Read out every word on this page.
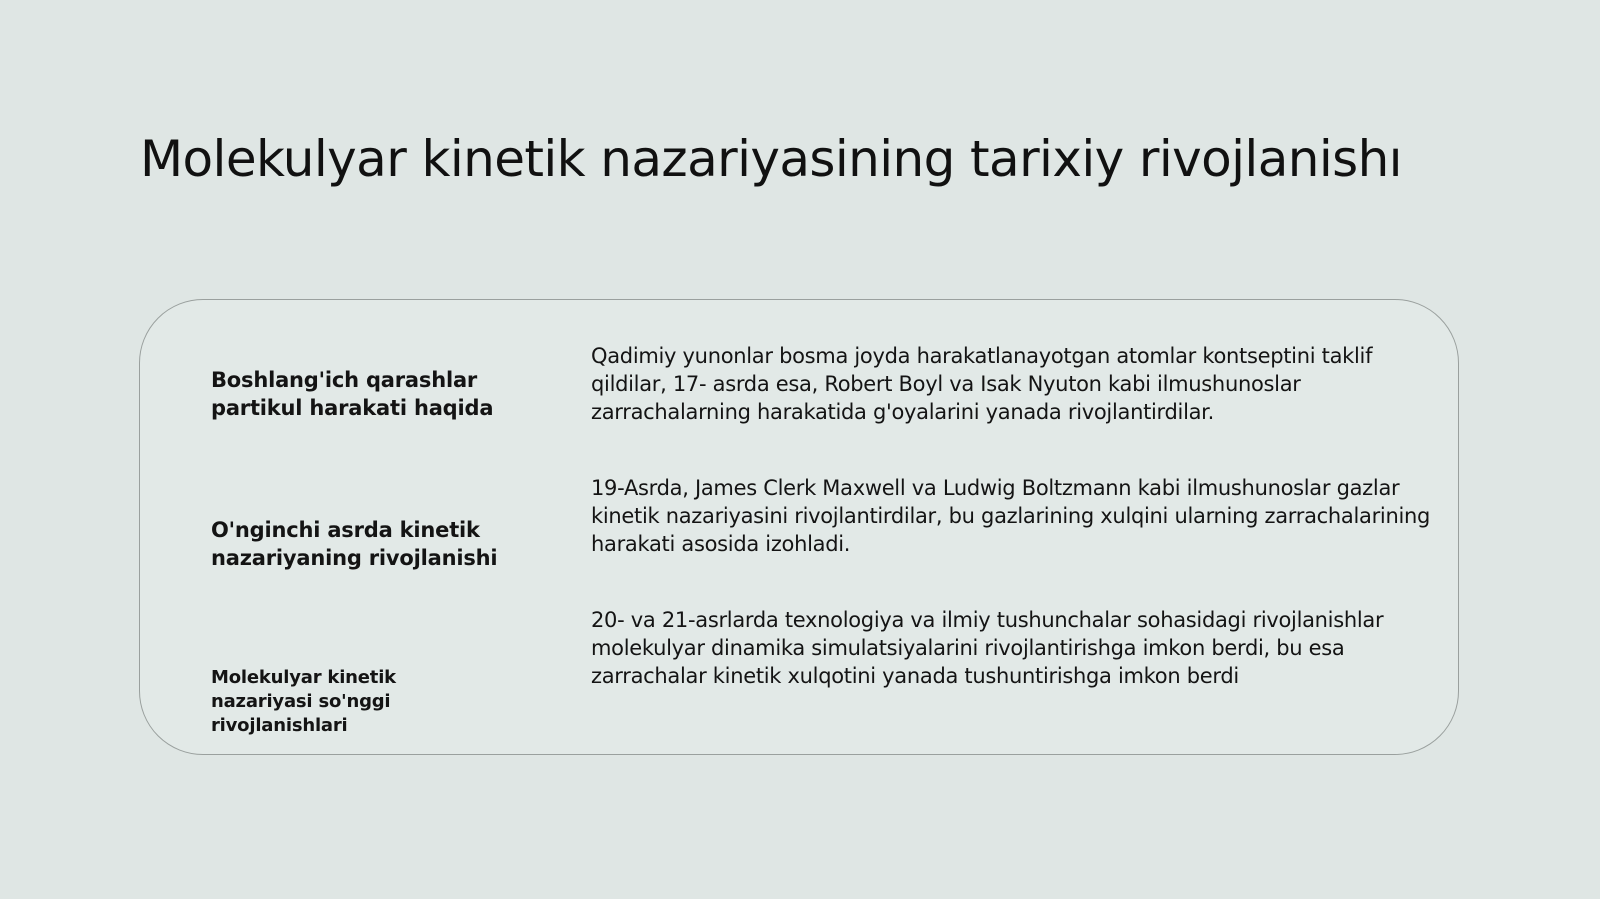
Molekulyar kinetik nazariyasining tarixiy rivojlanishı

Boshlang'ich qarashlar partikul harakati haqida

Qadimiy yunonlar bosma joyda harakatlanayotgan atomlar kontseptini taklif qildilar, 17- asrda esa, Robert Boyl va Isak Nyuton kabi ilmushunoslar zarrachalarning harakatida g'oyalarini yanada rivojlantirdilar.

O'nginchi asrda kinetik nazariyaning rivojlanishi

19-Asrda, James Clerk Maxwell va Ludwig Boltzmann kabi ilmushunoslar gazlar kinetik nazariyasini rivojlantirdilar, bu gazlarining xulqini ularning zarrachalarining harakati asosida izohladi.

Molekulyar kinetik nazariyasi so'nggi rivojlanishlari

20- va 21-asrlarda texnologiya va ilmiy tushunchalar sohasidagi rivojlanishlar molekulyar dinamika simulatsiyalarini rivojlantirishga imkon berdi, bu esa zarrachalar kinetik xulqotini yanada tushuntirishga imkon berdi
